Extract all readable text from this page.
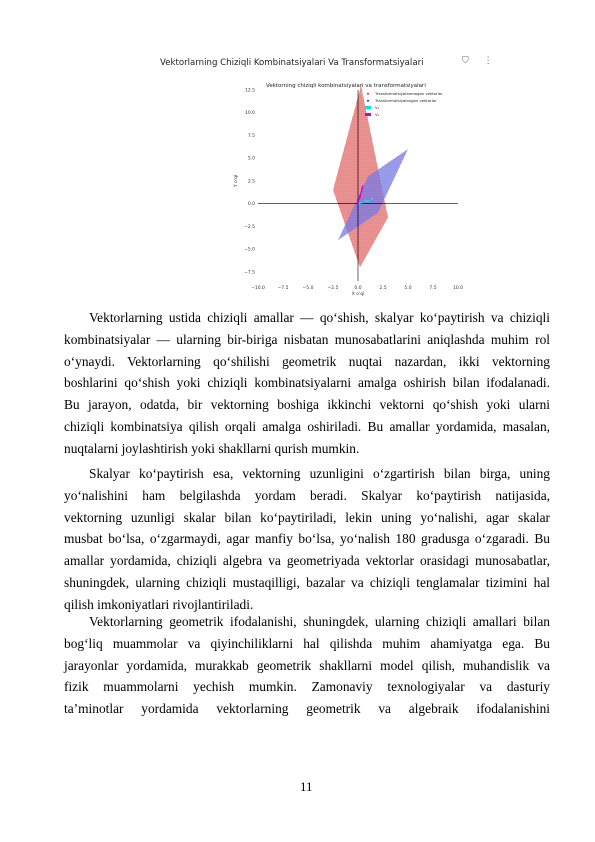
Vektorlarning Chiziqli Kombinatsiyalari Va Transformatsiyalari	⛉ ⋮
Vektorning chiziqli kombinatsiyalari va transformatsiyalari
−10.0	−7.5	−5.0	−2.5	0.0	2.5	5.0	7.5	10.0
12.5
10.0
7.5
5.0
2.5
0.0
−2.5
−5.0
−7.5
X o'qi
Y o'qi
Transformatsiyalanmagan vektorlar
Transformatsiyalangan vektorlar
V₁
V₂
Vektorlarning ustida chiziqli amallar — qo‘shish, skalyar ko‘paytirish va chiziqli
kombinatsiyalar — ularning bir-biriga nisbatan munosabatlarini aniqlashda muhim rol
o‘ynaydi. Vektorlarning qo‘shilishi geometrik nuqtai nazardan, ikki vektorning
boshlarini qo‘shish yoki chiziqli kombinatsiyalarni amalga oshirish bilan ifodalanadi.
Bu jarayon, odatda, bir vektorning boshiga ikkinchi vektorni qo‘shish yoki ularni
chiziqli kombinatsiya qilish orqali amalga oshiriladi. Bu amallar yordamida, masalan,
nuqtalarni joylashtirish yoki shakllarni qurish mumkin.
Skalyar ko‘paytirish esa, vektorning uzunligini o‘zgartirish bilan birga, uning
yo‘nalishini ham belgilashda yordam beradi. Skalyar ko‘paytirish natijasida,
vektorning uzunligi skalar bilan ko‘paytiriladi, lekin uning yo‘nalishi, agar skalar
musbat bo‘lsa, o‘zgarmaydi, agar manfiy bo‘lsa, yo‘nalish 180 gradusga o‘zgaradi. Bu
amallar yordamida, chiziqli algebra va geometriyada vektorlar orasidagi munosabatlar,
shuningdek, ularning chiziqli mustaqilligi, bazalar va chiziqli tenglamalar tizimini hal
qilish imkoniyatlari rivojlantiriladi.
Vektorlarning geometrik ifodalanishi, shuningdek, ularning chiziqli amallari bilan
bog‘liq muammolar va qiyinchiliklarni hal qilishda muhim ahamiyatga ega. Bu
jarayonlar yordamida, murakkab geometrik shakllarni model qilish, muhandislik va
fizik muammolarni yechish mumkin. Zamonaviy texnologiyalar va dasturiy
ta’minotlar yordamida vektorlarning geometrik va algebraik ifodalanishini
11
